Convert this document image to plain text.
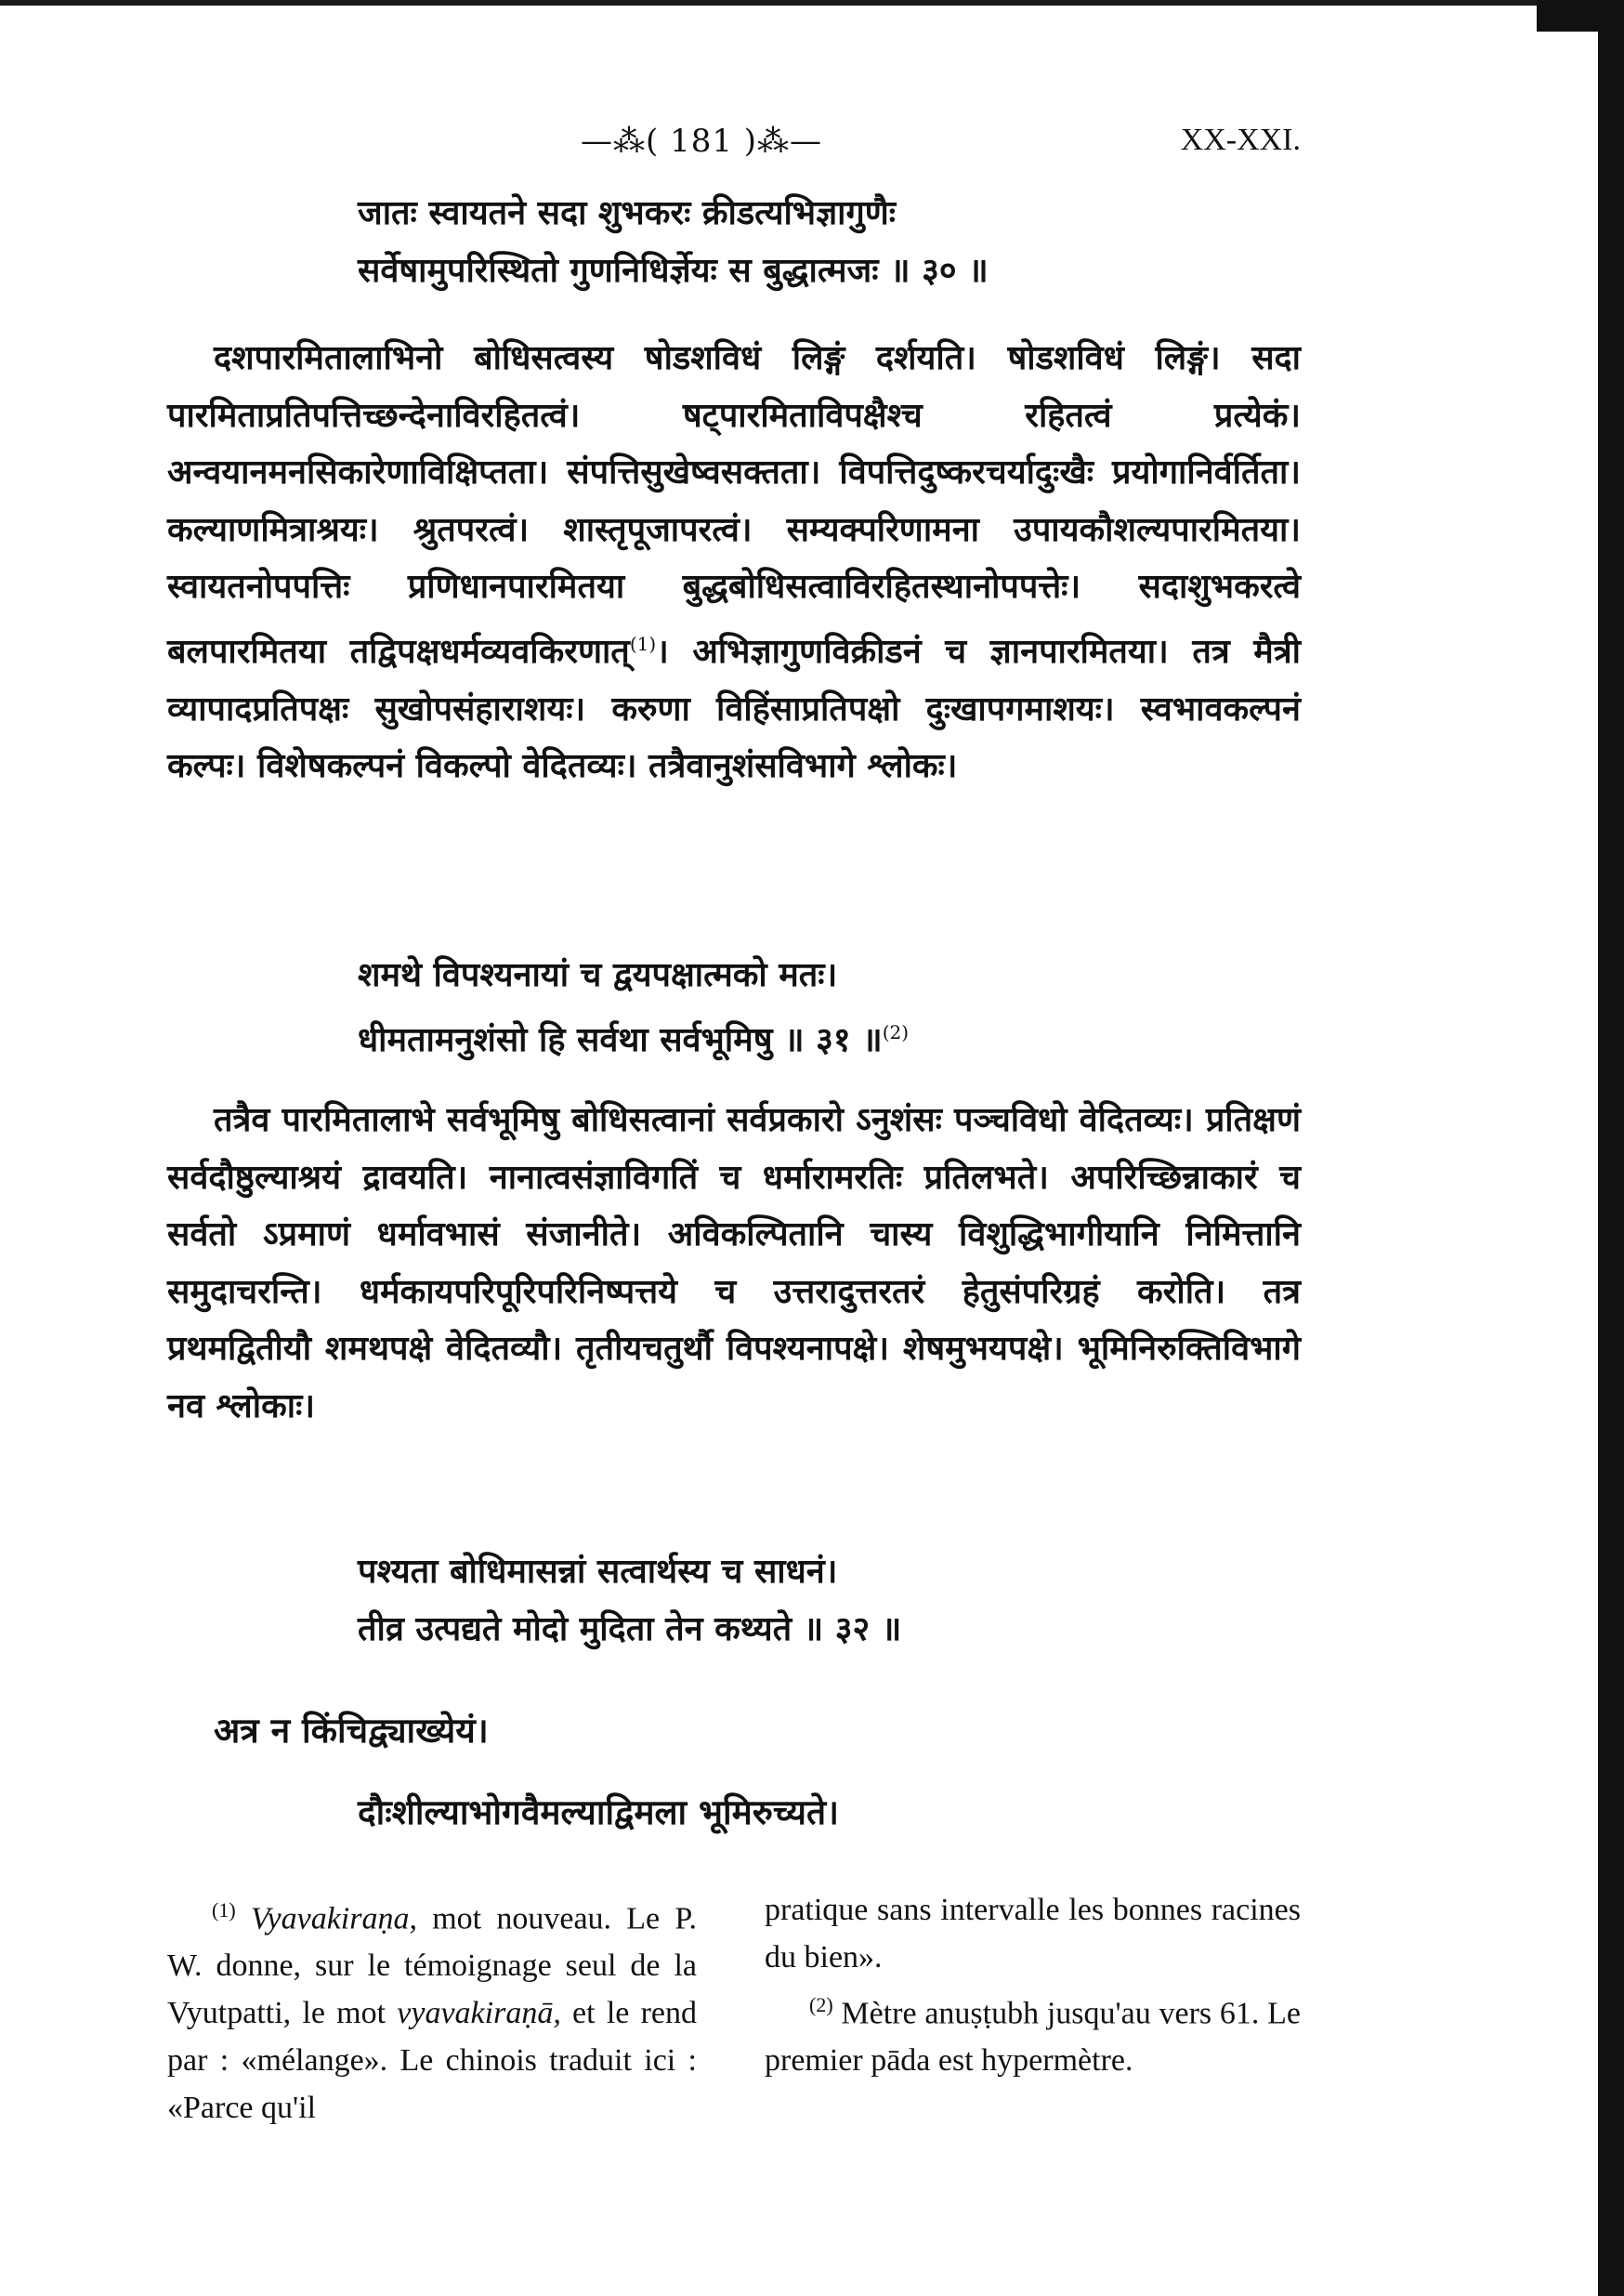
—⁂( 181 )⁂—	XX-XXI.
जातः स्वायतने सदा शुभकरः क्रीडत्यभिज्ञागुणैः
सर्वेषामुपरिस्थितो गुणनिधिर्ज्ञेयः स बुद्धात्मजः ॥ ३० ॥
दशपारमितालाभिनो बोधिसत्वस्य षोडशविधं लिङ्गं दर्शयति। षोडशविधं लिङ्गं। सदा पारमिताप्रतिपत्तिच्छन्देनाविरहितत्वं। षट्पारमिताविपक्षैश्च रहितत्वं प्रत्येकं। अन्वयानमनसिकारेणाविक्षिप्तता। संपत्तिसुखेष्वसक्तता। विपत्तिदुष्करचर्यादुःखैः प्रयोगानिर्वर्तिता। कल्याणमित्राश्रयः। श्रुतपरत्वं। शास्तृपूजापरत्वं। सम्यक्परिणामना उपायकौशल्यपारमितया। स्वायतनोपपत्तिः प्रणिधानपारमितया बुद्धबोधिसत्वाविरहितस्थानोपपत्तेः। सदाशुभकरत्वे बलपारमितया तद्विपक्षधर्मव्यवकिरणात्$^{(1)}$। अभिज्ञागुणविक्रीडनं च ज्ञानपारमितया। तत्र मैत्री व्यापादप्रतिपक्षः सुखोपसंहाराशयः। करुणा विहिंसाप्रतिपक्षो दुःखापगमाशयः। स्वभावकल्पनं कल्पः। विशेषकल्पनं विकल्पो वेदितव्यः। तत्रैवानुशंसविभागे श्लोकः।
शमथे विपश्यनायां च द्वयपक्षात्मको मतः।
धीमतामनुशंसो हि सर्वथा सर्वभूमिषु ॥ ३१ ॥$^{(2)}$
तत्रैव पारमितालाभे सर्वभूमिषु बोधिसत्वानां सर्वप्रकारो ऽनुशंसः पञ्चविधो वेदितव्यः। प्रतिक्षणं सर्वदौष्ठुल्याश्रयं द्रावयति। नानात्वसंज्ञाविगतिं च धर्मारामरतिः प्रतिलभते। अपरिच्छिन्नाकारं च सर्वतो ऽप्रमाणं धर्मावभासं संजानीते। अविकल्पितानि चास्य विशुद्धिभागीयानि निमित्तानि समुदाचरन्ति। धर्मकायपरिपूरिपरिनिष्पत्तये च उत्तरादुत्तरतरं हेतुसंपरिग्रहं करोति। तत्र प्रथमद्वितीयौ शमथपक्षे वेदितव्यौ। तृतीयचतुर्थौ विपश्यनापक्षे। शेषमुभयपक्षे। भूमिनिरुक्तिविभागे नव श्लोकाः।
पश्यता बोधिमासन्नां सत्वार्थस्य च साधनं।
तीव्र उत्पद्यते मोदो मुदिता तेन कथ्यते ॥ ३२ ॥
अत्र न किंचिद्व्याख्येयं।
दौःशील्याभोगवैमल्याद्विमला भूमिरुच्यते।
$^{(1)}$ Vyavakiraṇa, mot nouveau. Le P. W. donne, sur le témoignage seul de la Vyutpatti, le mot vyavakiraṇā, et le rend par : «mélange». Le chinois traduit ici : «Parce qu'il
pratique sans intervalle les bonnes racines du bien».
$^{(2)}$ Mètre anuṣṭubh jusqu'au vers 61. Le premier pāda est hypermètre.
